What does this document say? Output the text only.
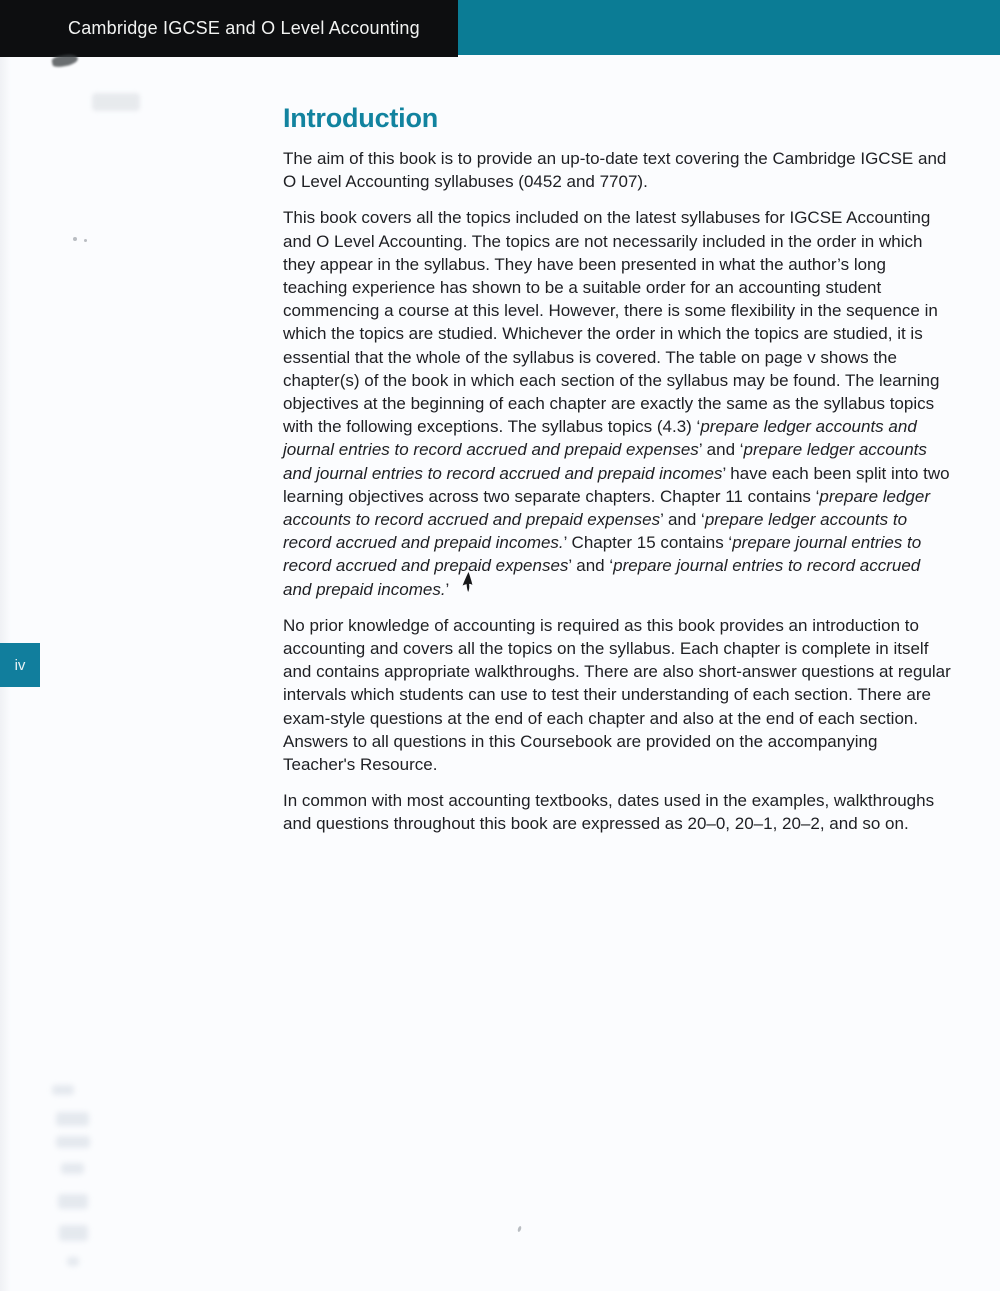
Cambridge IGCSE and O Level Accounting
Introduction

The aim of this book is to provide an up-to-date text covering the Cambridge IGCSE and O Level Accounting syllabuses (0452 and 7707).

This book covers all the topics included on the latest syllabuses for IGCSE Accounting and O Level Accounting. The topics are not necessarily included in the order in which they appear in the syllabus. They have been presented in what the author’s long teaching experience has shown to be a suitable order for an accounting student commencing a course at this level. However, there is some flexibility in the sequence in which the topics are studied. Whichever the order in which the topics are studied, it is essential that the whole of the syllabus is covered. The table on page v shows the chapter(s) of the book in which each section of the syllabus may be found. The learning objectives at the beginning of each chapter are exactly the same as the syllabus topics with the following exceptions. The syllabus topics (4.3) ‘prepare ledger accounts and journal entries to record accrued and prepaid expenses’ and ‘prepare ledger accounts and journal entries to record accrued and prepaid incomes’ have each been split into two learning objectives across two separate chapters. Chapter 11 contains ‘prepare ledger accounts to record accrued and prepaid expenses’ and ‘prepare ledger accounts to record accrued and prepaid incomes.’ Chapter 15 contains ‘prepare journal entries to record accrued and prepaid expenses’ and ‘prepare journal entries to record accrued and prepaid incomes.’

No prior knowledge of accounting is required as this book provides an introduction to accounting and covers all the topics on the syllabus. Each chapter is complete in itself and contains appropriate walkthroughs. There are also short-answer questions at regular intervals which students can use to test their understanding of each section. There are exam-style questions at the end of each chapter and also at the end of each section. Answers to all questions in this Coursebook are provided on the accompanying Teacher's Resource.

In common with most accounting textbooks, dates used in the examples, walkthroughs and questions throughout this book are expressed as 20–0, 20–1, 20–2, and so on.

iv
